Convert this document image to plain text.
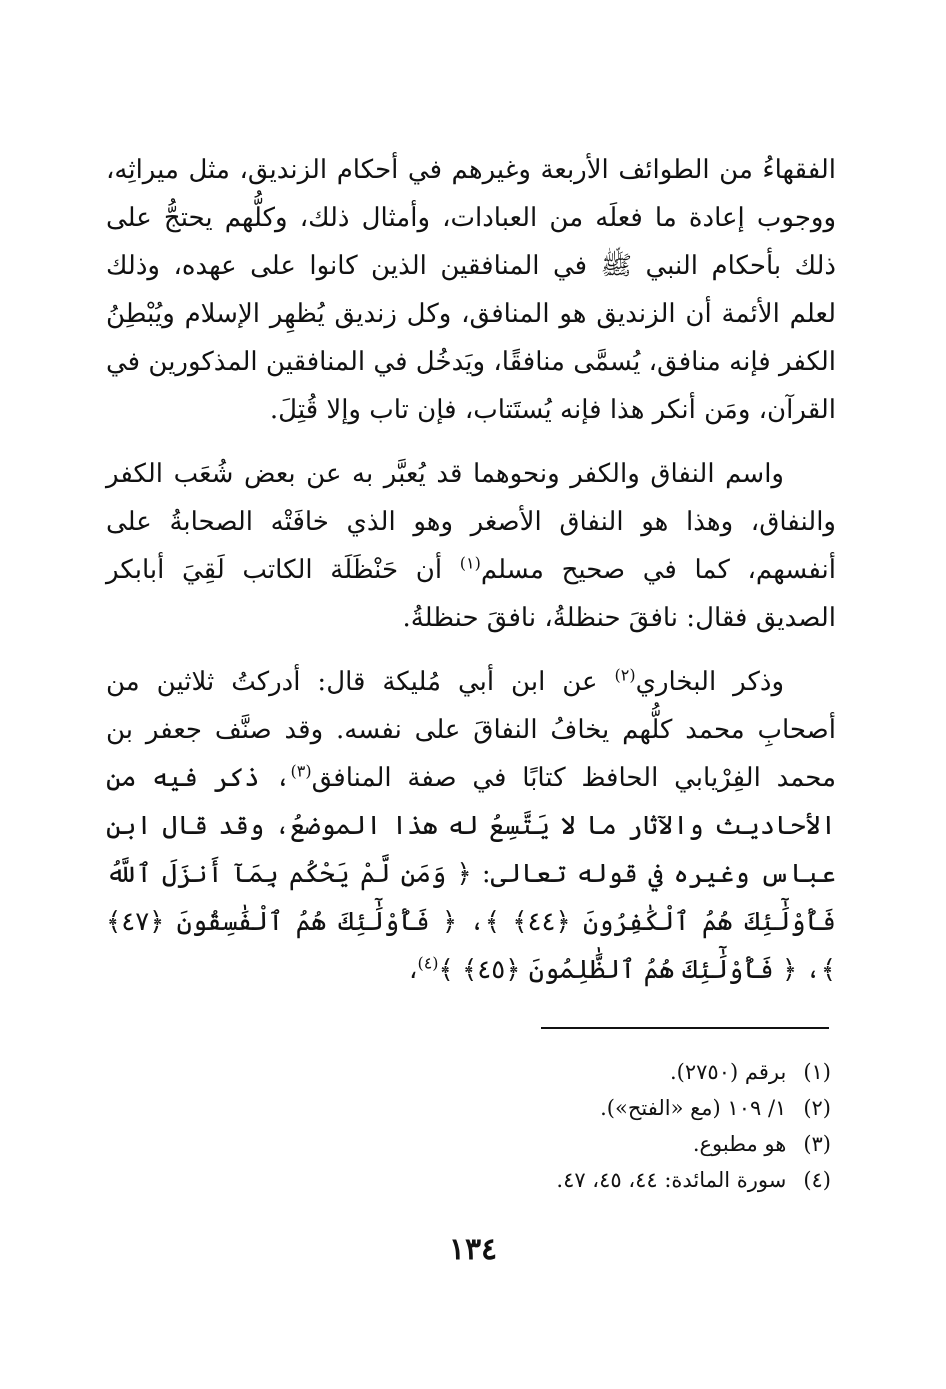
الفقهاءُ من الطوائف الأربعة وغيرهم في أحكام الزنديق، مثل ميراثِه، ووجوب إعادة ما فعلَه من العبادات، وأمثال ذلك، وكلُّهم يحتجُّ على ذلك بأحكام النبي ﷺ في المنافقين الذين كانوا على عهده، وذلك لعلم الأئمة أن الزنديق هو المنافق، وكل زنديق يُظهِر الإسلام ويُبْطِنُ الكفر فإنه منافق، يُسمَّى منافقًا، ويَدخُل في المنافقين المذكورين في القرآن، ومَن أنكر هذا فإنه يُستَتاب، فإن تاب وإلا قُتِلَ.

واسم النفاق والكفر ونحوهما قد يُعبَّر به عن بعض شُعَب الكفر والنفاق، وهذا هو النفاق الأصغر وهو الذي خافَتْه الصحابةُ على أنفسهم، كما في صحيح مسلم$^{(١)}$ أن حَنْظَلَة الكاتب لَقِيَ أبابكر الصديق فقال: نافقَ حنظلةُ، نافقَ حنظلةُ.

وذكر البخاري$^{(٢)}$ عن ابن أبي مُليكة قال: أدركتُ ثلاثين من أصحابِ محمد كلُّهم يخافُ النفاقَ على نفسه. وقد صنَّف جعفر بن محمد الفِرْيابي الحافظ كتابًا في صفة المنافق$^{(٣)}$، ذكر فيه من الأحاديث والآثار ما لا يَتَّسِعُ له هذا الموضعُ، وقد قال ابن عباس وغيره في قوله تعالى: ﴿ وَمَن لَّمْ يَحْكُم بِمَآ أَنزَلَ ٱللَّهُ فَأُوْلَٰٓئِكَ هُمُ ٱلْكَٰفِرُونَ ﴿٤٤﴾ ﴾، ﴿ فَأُوْلَٰٓئِكَ هُمُ ٱلْفَٰسِقُونَ ﴿٤٧﴾ ﴾، ﴿ فَأُوْلَٰٓئِكَ هُمُ ٱلظَّٰلِمُونَ ﴿٤٥﴾ ﴾$^{(٤)}$،

(١) برقم (٢٧٥٠).
(٢) ١/ ١٠٩ (مع «الفتح»).
(٣) هو مطبوع.
(٤) سورة المائدة: ٤٤، ٤٥، ٤٧.
١٣٤
